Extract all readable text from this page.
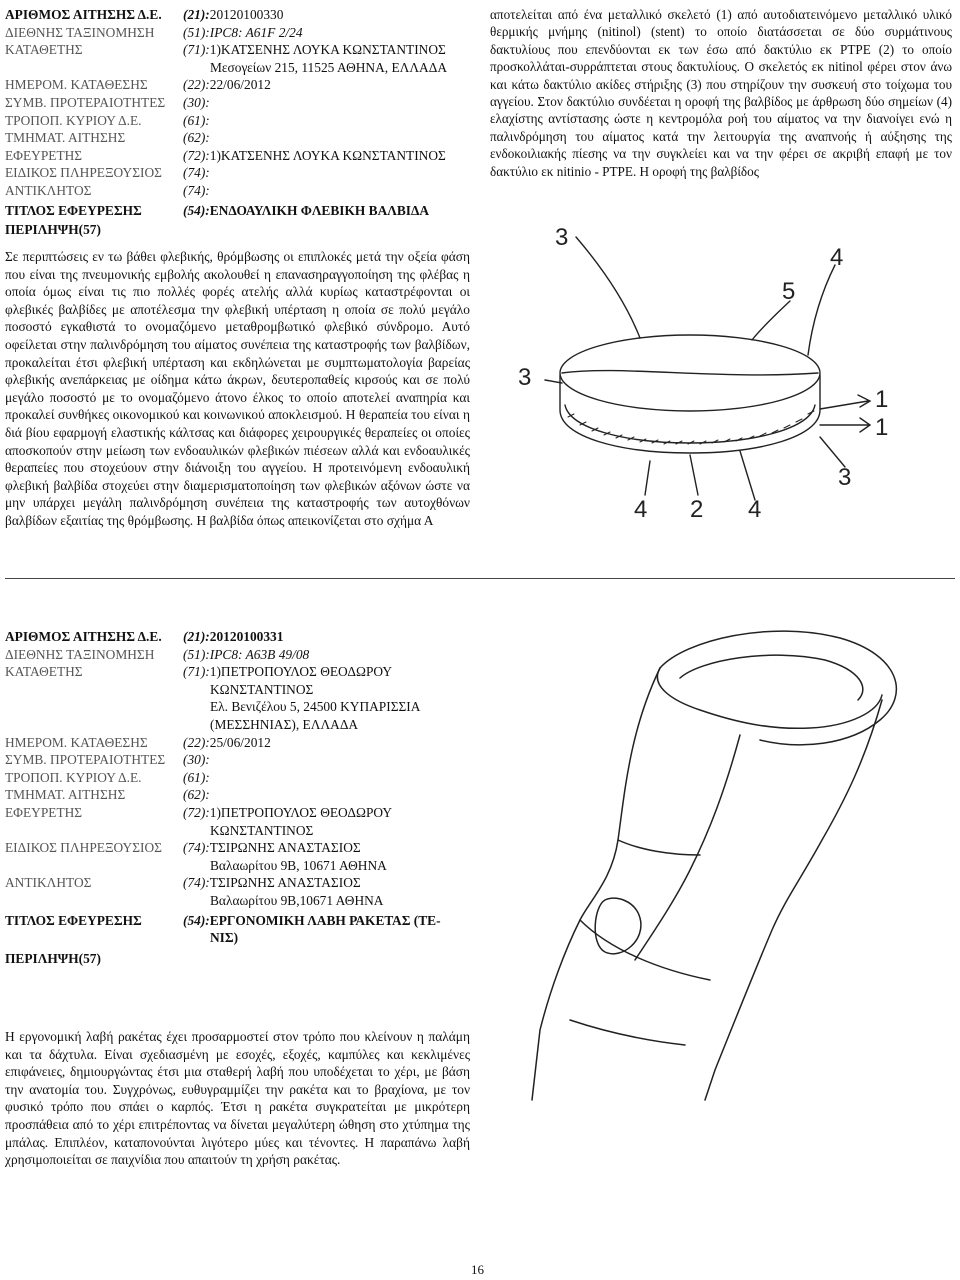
ΑΡΙΘΜΟΣ ΑΙΤΗΣΗΣ Δ.Ε.	(21): 20120100330
ΔΙΕΘΝΗΣ ΤΑΞΙΝΟΜΗΣΗ	(51): IPC8: A61F 2/24
ΚΑΤΑΘΕΤΗΣ	(71): 1)ΚΑΤΣΕΝΗΣ ΛΟΥΚΑ ΚΩΝΣΤΑΝΤΙΝΟΣ
Μεσογείων 215, 11525 ΑΘΗΝΑ, ΕΛΛΑΔΑ
ΗΜΕΡΟΜ. ΚΑΤΑΘΕΣΗΣ	(22): 22/06/2012
ΣΥΜΒ. ΠΡΟΤΕΡΑΙΟΤΗΤΕΣ	(30):
ΤΡΟΠΟΠ. ΚΥΡΙΟΥ Δ.Ε.	(61):
ΤΜΗΜΑΤ. ΑΙΤΗΣΗΣ	(62):
ΕΦΕΥΡΕΤΗΣ	(72): 1)ΚΑΤΣΕΝΗΣ ΛΟΥΚΑ ΚΩΝΣΤΑΝΤΙΝΟΣ
ΕΙΔΙΚΟΣ ΠΛΗΡΕΞΟΥΣΙΟΣ	(74):
ΑΝΤΙΚΛΗΤΟΣ	(74):
ΤΙΤΛΟΣ ΕΦΕΥΡΕΣΗΣ	(54): ΕΝΔΟΑΥΛΙΚΗ ΦΛΕΒΙΚΗ ΒΑΛΒΙΔΑ
ΠΕΡΙΛΗΨΗ(57)
Σε περιπτώσεις εν τω βάθει φλεβικής, θρόμβωσης οι επιπλοκές μετά την οξεία φάση που είναι της πνευμονικής εμβολής ακολουθεί η επανασηραγγοποίηση της φλέβας η οποία όμως είναι τις πιο πολλές φορές ατελής αλλά κυρίως καταστρέφονται οι φλεβικές βαλβίδες με αποτέλεσμα την φλεβική υπέρταση η οποία σε πολύ μεγάλο ποσοστό εγκαθιστά το ονομαζόμενο μεταθρομβωτικό φλεβικό σύνδρομο. Αυτό οφείλεται στην παλινδρόμηση του αίματος συνέπεια της καταστροφής των βαλβίδων, προκαλείται έτσι φλεβική υπέρταση και εκδηλώνεται με συμπτωματολογία βαρείας φλεβικής ανεπάρκειας με οίδημα κάτω άκρων, δευτεροπαθείς κιρσούς και σε πολύ μεγάλο ποσοστό με το ονομαζόμενο άτονο έλκος το οποίο αποτελεί αναπηρία και προκαλεί συνθήκες οικονομικού και κοινωνικού αποκλεισμού. Η θεραπεία του είναι η διά βίου εφαρμογή ελαστικής κάλτσας και διάφορες χειρουργικές θεραπείες οι οποίες αποσκοπούν στην μείωση των ενδοαυλικών φλεβικών πιέσεων αλλά και ενδοαυλικές θεραπείες που στοχεύουν στην διάνοιξη του αγγείου. Η προτεινόμενη ενδοαυλική φλεβική βαλβίδα στοχεύει στην διαμερισματοποίηση των φλεβικών αξόνων ώστε να μην υπάρχει μεγάλη παλινδρόμηση συνέπεια της καταστροφής των αυτοχθόνων βαλβίδων εξαιτίας της θρόμβωσης. Η βαλβίδα όπως απεικονίζεται στο σχήμα Α
αποτελείται από ένα μεταλλικό σκελετό (1) από αυτοδιατεινόμενο μεταλλικό υλικό θερμικής μνήμης (nitinol) (stent) το οποίο διατάσσεται σε δύο συρμάτινους δακτυλίους που επενδύονται εκ των έσω από δακτύλιο εκ PTPE (2) το οποίο προσκολλάται-συρράπτεται στους δακτυλίους. Ο σκελετός εκ nitinol φέρει στον άνω και κάτω δακτύλιο ακίδες στήριξης (3) που στηρίζουν την συσκευή στο τοίχωμα του αγγείου. Στον δακτύλιο συνδέεται η οροφή της βαλβίδος με άρθρωση δύο σημείων (4) ελαχίστης αντίστασης ώστε η κεντρομόλα ροή του αίματος να την διανοίγει ενώ η παλινδρόμηση του αίματος κατά την λειτουργία της αναπνοής ή αύξησης της ενδοκοιλιακής πίεσης να την συγκλείει και να την φέρει σε ακριβή επαφή με τον δακτύλιο εκ nitinio - PTPE. Η οροφή της βαλβίδος
3
3
5
4
1
1
3
4 2 4
ΑΡΙΘΜΟΣ ΑΙΤΗΣΗΣ Δ.Ε.	(21): 20120100331
ΔΙΕΘΝΗΣ ΤΑΞΙΝΟΜΗΣΗ	(51): IPC8: A63B 49/08
ΚΑΤΑΘΕΤΗΣ	(71): 1)ΠΕΤΡΟΠΟΥΛΟΣ ΘΕΟΔΩΡΟΥ
ΚΩΝΣΤΑΝΤΙΝΟΣ
Ελ. Βενιζέλου 5, 24500 ΚΥΠΑΡΙΣΣΙΑ
(ΜΕΣΣΗΝΙΑΣ), ΕΛΛΑΔΑ
ΗΜΕΡΟΜ. ΚΑΤΑΘΕΣΗΣ	(22): 25/06/2012
ΣΥΜΒ. ΠΡΟΤΕΡΑΙΟΤΗΤΕΣ	(30):
ΤΡΟΠΟΠ. ΚΥΡΙΟΥ Δ.Ε.	(61):
ΤΜΗΜΑΤ. ΑΙΤΗΣΗΣ	(62):
ΕΦΕΥΡΕΤΗΣ	(72): 1)ΠΕΤΡΟΠΟΥΛΟΣ ΘΕΟΔΩΡΟΥ
ΚΩΝΣΤΑΝΤΙΝΟΣ
ΕΙΔΙΚΟΣ ΠΛΗΡΕΞΟΥΣΙΟΣ	(74): ΤΣΙΡΩΝΗΣ ΑΝΑΣΤΑΣΙΟΣ
Βαλαωρίτου 9Β, 10671 ΑΘΗΝΑ
ΑΝΤΙΚΛΗΤΟΣ	(74): ΤΣΙΡΩΝΗΣ ΑΝΑΣΤΑΣΙΟΣ
Βαλαωρίτου 9Β,10671 ΑΘΗΝΑ
ΤΙΤΛΟΣ ΕΦΕΥΡΕΣΗΣ	(54): ΕΡΓΟΝΟΜΙΚΗ ΛΑΒΗ ΡΑΚΕΤΑΣ (ΤΕ-
ΝΙΣ)
ΠΕΡΙΛΗΨΗ(57)
Η εργονομική λαβή ρακέτας έχει προσαρμοστεί στον τρόπο που κλείνουν η παλάμη και τα δάχτυλα. Είναι σχεδιασμένη με εσοχές, εξοχές, καμπύλες και κεκλιμένες επιφάνειες, δημιουργώντας έτσι μια σταθερή λαβή που υποδέχεται το χέρι, με βάση την ανατομία του. Συγχρόνως, ευθυγραμμίζει την ρακέτα και το βραχίονα, με τον φυσικό τρόπο που σπάει ο καρπός. Έτσι η ρακέτα συγκρατείται με μικρότερη προσπάθεια από το χέρι επιτρέποντας να δίνεται μεγαλύτερη ώθηση στο χτύπημα της μπάλας. Επιπλέον, καταπονούνται λιγότερο μύες και τένοντες. Η παραπάνω λαβή χρησιμοποιείται σε παιχνίδια που απαιτούν τη χρήση ρακέτας.
16
